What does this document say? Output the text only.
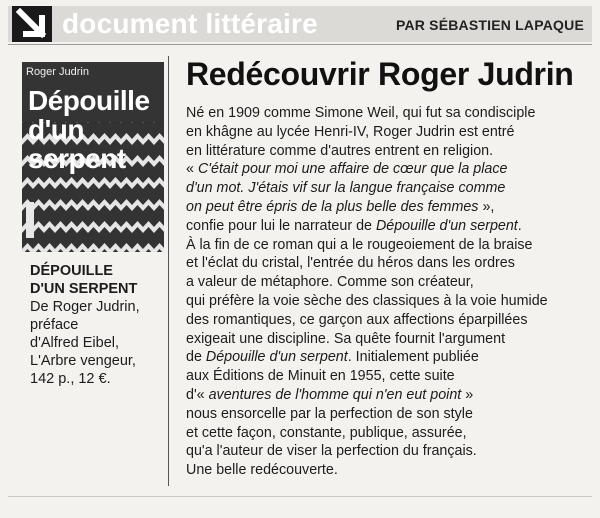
document littéraire	PAR SÉBASTIEN LAPAQUE
Roger Judrin
Dépouille
d'un
serpent
DÉPOUILLE
D'UN SERPENT
De Roger Judrin,
préface
d'Alfred Eibel,
L'Arbre vengeur,
142 p., 12 €.
Redécouvrir Roger Judrin
Né en 1909 comme Simone Weil, qui fut sa condisciple
en khâgne au lycée Henri-IV, Roger Judrin est entré
en littérature comme d'autres entrent en religion.
« C'était pour moi une affaire de cœur que la place
d'un mot. J'étais vif sur la langue française comme
on peut être épris de la plus belle des femmes »,
confie pour lui le narrateur de Dépouille d'un serpent.
À la fin de ce roman qui a le rougeoiement de la braise
et l'éclat du cristal, l'entrée du héros dans les ordres
a valeur de métaphore. Comme son créateur,
qui préfère la voie sèche des classiques à la voie humide
des romantiques, ce garçon aux affections éparpillées
exigeait une discipline. Sa quête fournit l'argument
de Dépouille d'un serpent. Initialement publiée
aux Éditions de Minuit en 1955, cette suite
d'« aventures de l'homme qui n'en eut point »
nous ensorcelle par la perfection de son style
et cette façon, constante, publique, assurée,
qu'a l'auteur de viser la perfection du français.
Une belle redécouverte.
